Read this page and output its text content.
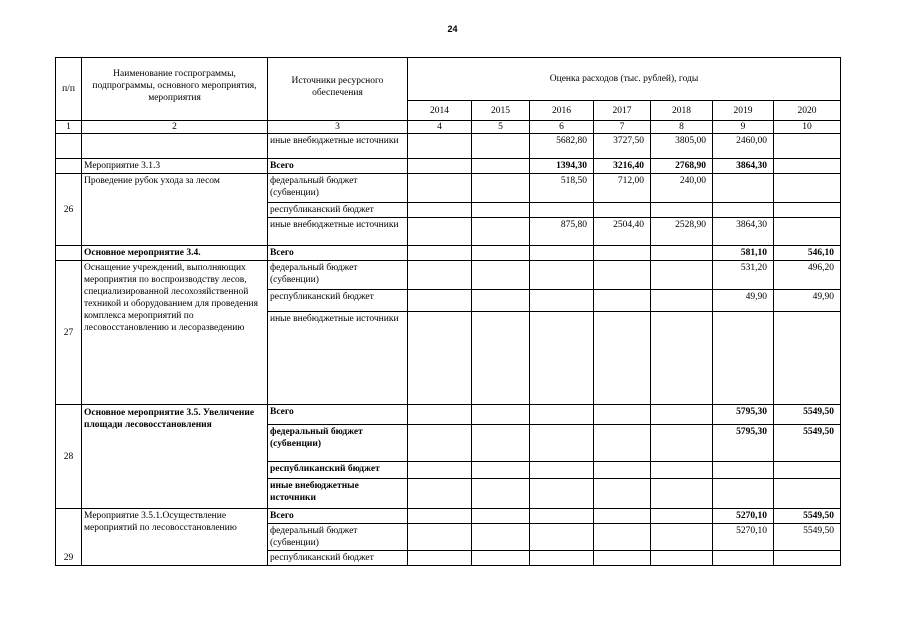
24
п/п	Наименование госпрограммы, подпрограммы, основного мероприятия, мероприятия	Источники ресурсного обеспечения	Оценка расходов (тыс. рублей), годы						
			2014	2015	2016	2017	2018	2019	2020
1	2	3	4	5	6	7	8	9	10
		иные внебюджетные источники			5682,80	3727,50	3805,00	2460,00	
	Мероприятие 3.1.3	Всего			1394,30	3216,40	2768,90	3864,30	
26	Проведение рубок ухода за лесом	федеральный бюджет (субвенции)			518,50	712,00	240,00		
		республиканский бюджет							
		иные внебюджетные источники			875,80	2504,40	2528,90	3864,30	
	Основное мероприятие 3.4.	Всего						581,10	546,10
27	Оснащение учреждений, выполняющих мероприятия по воспроизводству лесов, специализированной лесохозяйственной техникой и оборудованием для проведения комплекса мероприятий по лесовосстановлению и лесоразведению	федеральный бюджет (субвенции)						531,20	496,20
		республиканский бюджет						49,90	49,90
		иные внебюджетные источники							
28	Основное мероприятие 3.5. Увеличение площади лесовосстановления	Всего						5795,30	5549,50
		федеральный бюджет (субвенции)						5795,30	5549,50
		республиканский бюджет							
		иные внебюджетные источники							
29	Мероприятие 3.5.1.Осуществление мероприятий по лесовосстановлению	Всего						5270,10	5549,50
		федеральный бюджет (субвенции)						5270,10	5549,50
		республиканский бюджет							
